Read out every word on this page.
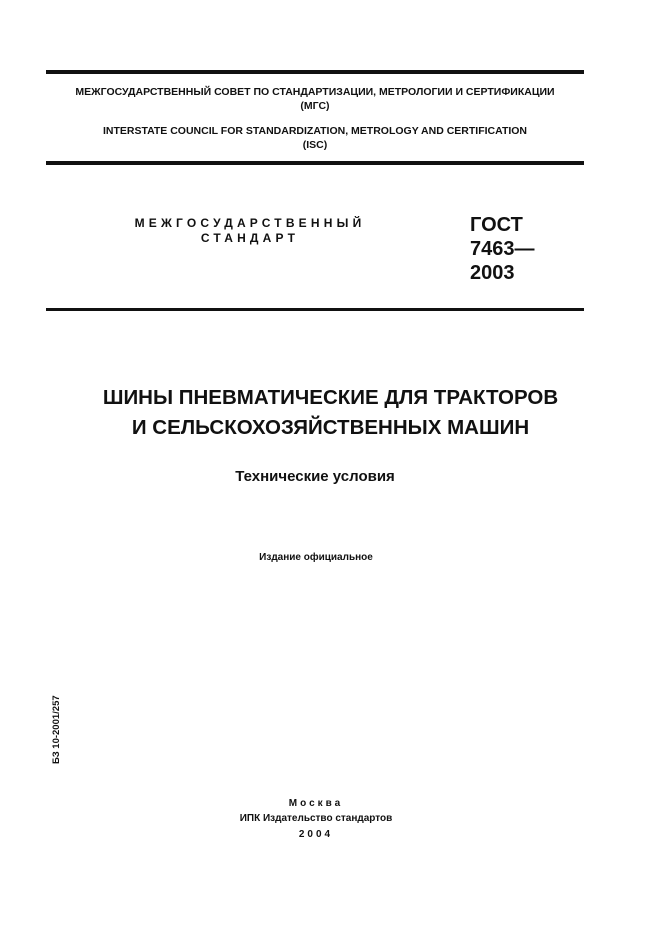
МЕЖГОСУДАРСТВЕННЫЙ СОВЕТ ПО СТАНДАРТИЗАЦИИ, МЕТРОЛОГИИ И СЕРТИФИКАЦИИ
(МГС)
INTERSTATE COUNCIL FOR STANDARDIZATION, METROLOGY AND CERTIFICATION
(ISC)
МЕЖГОСУДАРСТВЕННЫЙ
СТАНДАРТ
ГОСТ
7463—
2003
ШИНЫ ПНЕВМАТИЧЕСКИЕ ДЛЯ ТРАКТОРОВ
И СЕЛЬСКОХОЗЯЙСТВЕННЫХ МАШИН
Технические условия
Издание официальное
БЗ 10-2001/257
Москва
ИПК Издательство стандартов
2004
